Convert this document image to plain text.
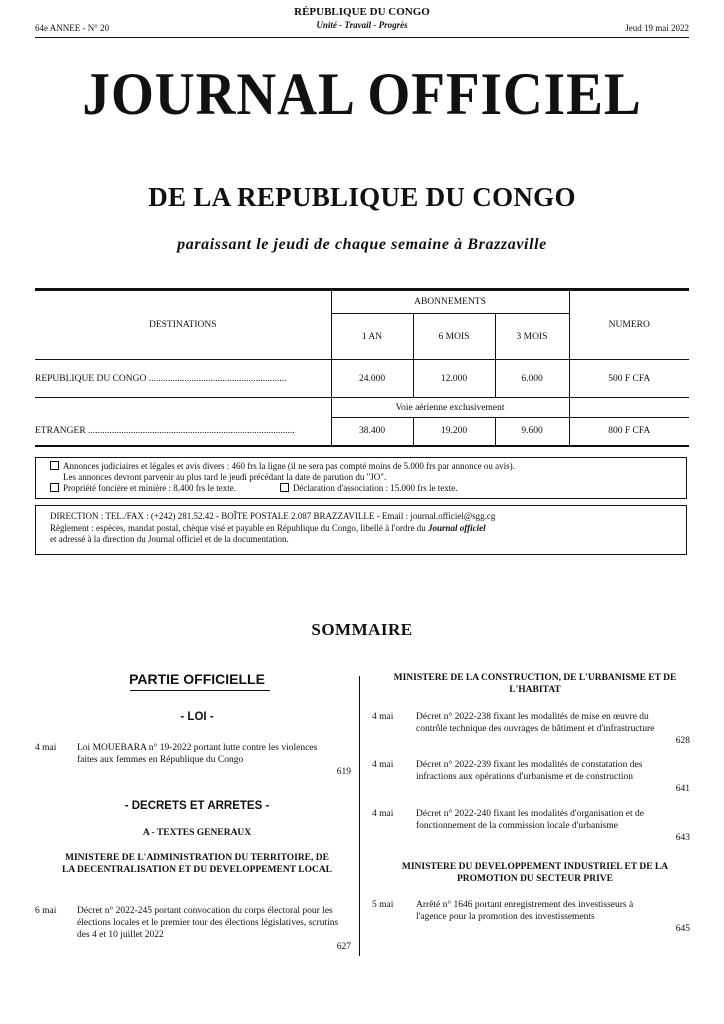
64e ANNEE - N° 20
RÉPUBLIQUE DU CONGO
Unité - Travail - Progrès	Jeud 19 mai 2022
JOURNAL OFFICIEL
DE LA REPUBLIQUE DU CONGO
paraissant le jeudi de chaque semaine à Brazzaville
DESTINATIONS	ABONNEMENTS			NUMERO
	1 AN	6 MOIS	3 MOIS	

REPUBLIQUE DU CONGO ..........................................................	24.000	12.000	6.000	500 F CFA
	Voie aérienne exclusivement			

ETRANGER .......................................................................................	38.400	19.200	9.600	800 F CFA
Annonces judiciaires et légales et avis divers : 460 frs la ligne (il ne sera pas compté moins de 5.000 frs par annonce ou avis).
Les annonces devront parvenir au plus tard le jeudi précédant la date de parution du "JO".
Propriété foncière et minière : 8.400 frs le texte.	Déclaration d'association : 15.000 frs le texte.
DIRECTION : TEL./FAX : (+242) 281.52.42 - BOÎTE POSTALE 2.087 BRAZZAVILLE - Email : journal.officiel@sgg.cg
Règlement : espèces, mandat postal, chèque visé et payable en République du Congo, libellé à l'ordre du Journal officiel
et adressé à la direction du Journal officiel et de la documentation.
SOMMAIRE
PARTIE OFFICIELLE
- LOI -
4 mai Loi MOUEBARA n° 19-2022 portant lutte contre les violences faites aux femmes en République du Congo
619
- DECRETS ET ARRETES -
A - TEXTES GENERAUX
MINISTERE DE L'ADMINISTRATION DU TERRITOIRE, DE LA DECENTRALISATION ET DU DEVELOPPEMENT LOCAL
6 mai Décret n° 2022-245 portant convocation du corps électoral pour les élections locales et le premier tour des élections législatives, scrutins des 4 et 10 juillet 2022
627
MINISTERE DE LA CONSTRUCTION, DE L'URBANISME ET DE L'HABITAT
4 mai Décret n° 2022-238 fixant les modalités de mise en œuvre du contrôle technique des ouvrages de bâtiment et d'infrastructure
628
4 mai Décret n° 2022-239 fixant les modalités de constatation des infractions aux opérations d'urbanisme et de construction
641
4 mai Décret n° 2022-240 fixant les modalités d'organisation et de fonctionnement de la commission locale d'urbanisme
643
MINISTERE DU DEVELOPPEMENT INDUSTRIEL ET DE LA PROMOTION DU SECTEUR PRIVE
5 mai Arrêté n° 1646 portant enregistrement des investisseurs à l'agence pour la promotion des investissements
645
